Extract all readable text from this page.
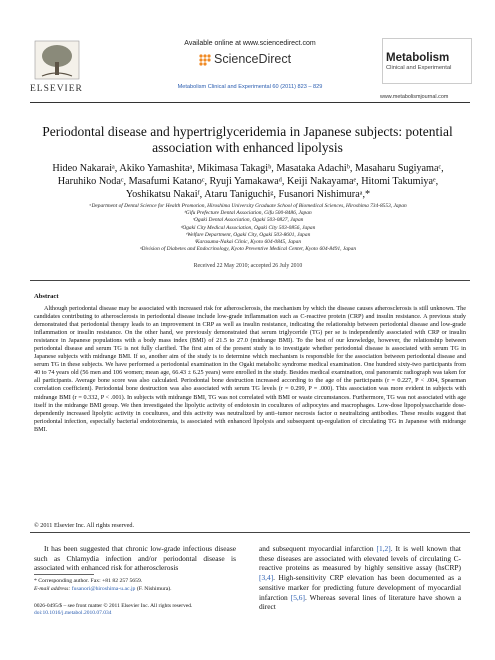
ELSEVIER
Available online at www.sciencedirect.com
ScienceDirect
Metabolism Clinical and Experimental 60 (2011) 823 – 829
Metabolism
Clinical and Experimental
www.metabolismjournal.com
Periodontal disease and hypertriglyceridemia in Japanese subjects: potential association with enhanced lipolysis
Hideo Nakaraiᵃ, Akiko Yamashitaᵃ, Mikimasa Takagiᵇ, Masataka Adachiᵇ, Masaharu Sugiyamaᶜ,
Haruhiko Nodaᶜ, Masafumi Katanoᶜ, Ryuji Yamakawaᵈ, Keiji Nakayamaᵉ, Hitomi Takumiyaᵉ,
Yoshikatsu Nakaiᶠ, Ataru Taniguchiᵍ, Fusanori Nishimuraᵃ,*
ᵃDepartment of Dental Science for Health Promotion, Hiroshima University Graduate School of Biomedical Sciences, Hiroshima 734-8553, Japan
ᵇGifu Prefecture Dental Association, Gifu 500-8486, Japan
ᶜOgaki Dental Association, Ogaki 503-0827, Japan
ᵈOgaki City Medical Association, Ogaki City 503-0856, Japan
ᵉWelfare Department, Ogaki City, Ogaki 503-8601, Japan
ᶠKarasuma-Nakai Clinic, Kyoto 604-0845, Japan
ᵍDivision of Diabetes and Endocrinology, Kyoto Preventive Medical Center, Kyoto 604-8491, Japan
Received 22 May 2010; accepted 26 July 2010
Abstract
Although periodontal disease may be associated with increased risk for atherosclerosis, the mechanism by which the disease causes atherosclerosis is still unknown. The candidates contributing to atherosclerosis in periodontal disease include low-grade inflammation such as C-reactive protein (CRP) and insulin resistance. A previous study demonstrated that periodontal therapy leads to an improvement in CRP as well as insulin resistance, indicating the relationship between periodontal disease and low-grade inflammation or insulin resistance. On the other hand, we previously demonstrated that serum triglyceride (TG) per se is independently associated with CRP or insulin resistance in Japanese populations with a body mass index (BMI) of 21.5 to 27.0 (midrange BMI). To the best of our knowledge, however, the relationship between periodontal disease and serum TG is not fully clarified. The first aim of the present study is to investigate whether periodontal disease is associated with serum TG in Japanese subjects with midrange BMI. If so, another aim of the study is to determine which mechanism is responsible for the association between periodontal disease and serum TG in these subjects. We have performed a periodontal examination in the Ogaki metabolic syndrome medical examination. One hundred sixty-two participants from 40 to 74 years old (56 men and 106 women; mean age, 66.43 ± 6.25 years) were enrolled in the study. Besides medical examination, oral panoramic radiograph was taken for all participants. Average bone score was also calculated. Periodontal bone destruction increased according to the age of the participants (r = 0.227, P < .004, Spearman correlation coefficient). Periodontal bone destruction was also associated with serum TG levels (r = 0.299, P = .000). This association was more evident in subjects with midrange BMI (r = 0.332, P < .001). In subjects with midrange BMI, TG was not correlated with BMI or waste circumstances. Furthermore, TG was not associated with age itself in the midrange BMI group. We then investigated the lipolytic activity of endotoxin in cocultures of adipocytes and macrophages. Low-dose lipopolysaccharide dose-dependently increased lipolytic activity in cocultures, and this activity was neutralized by anti–tumor necrosis factor α neutralizing antibodies. These results suggest that periodontal infection, especially bacterial endotoxinemia, is associated with enhanced lipolysis and subsequent up-regulation of circulating TG in Japanese with midrange BMI.
© 2011 Elsevier Inc. All rights reserved.
It has been suggested that chronic low-grade infectious disease such as Chlamydia infection and/or periodontal disease is associated with enhanced risk for atherosclerosis
and subsequent myocardial infarction [1,2]. It is well known that these diseases are associated with elevated levels of circulating C-reactive proteins as measured by highly sensitive assay (hsCRP) [3,4]. High-sensitivity CRP elevation has been documented as a sensitive marker for predicting future development of myocardial infarction [5,6]. Whereas several lines of literature have shown a direct
* Corresponding author. Fax: +81 82 257 5659.
E-mail address: fusanori@hiroshima-u.ac.jp (F. Nishimura).
0026-0495/$ – see front matter © 2011 Elsevier Inc. All rights reserved.
doi:10.1016/j.metabol.2010.07.034
